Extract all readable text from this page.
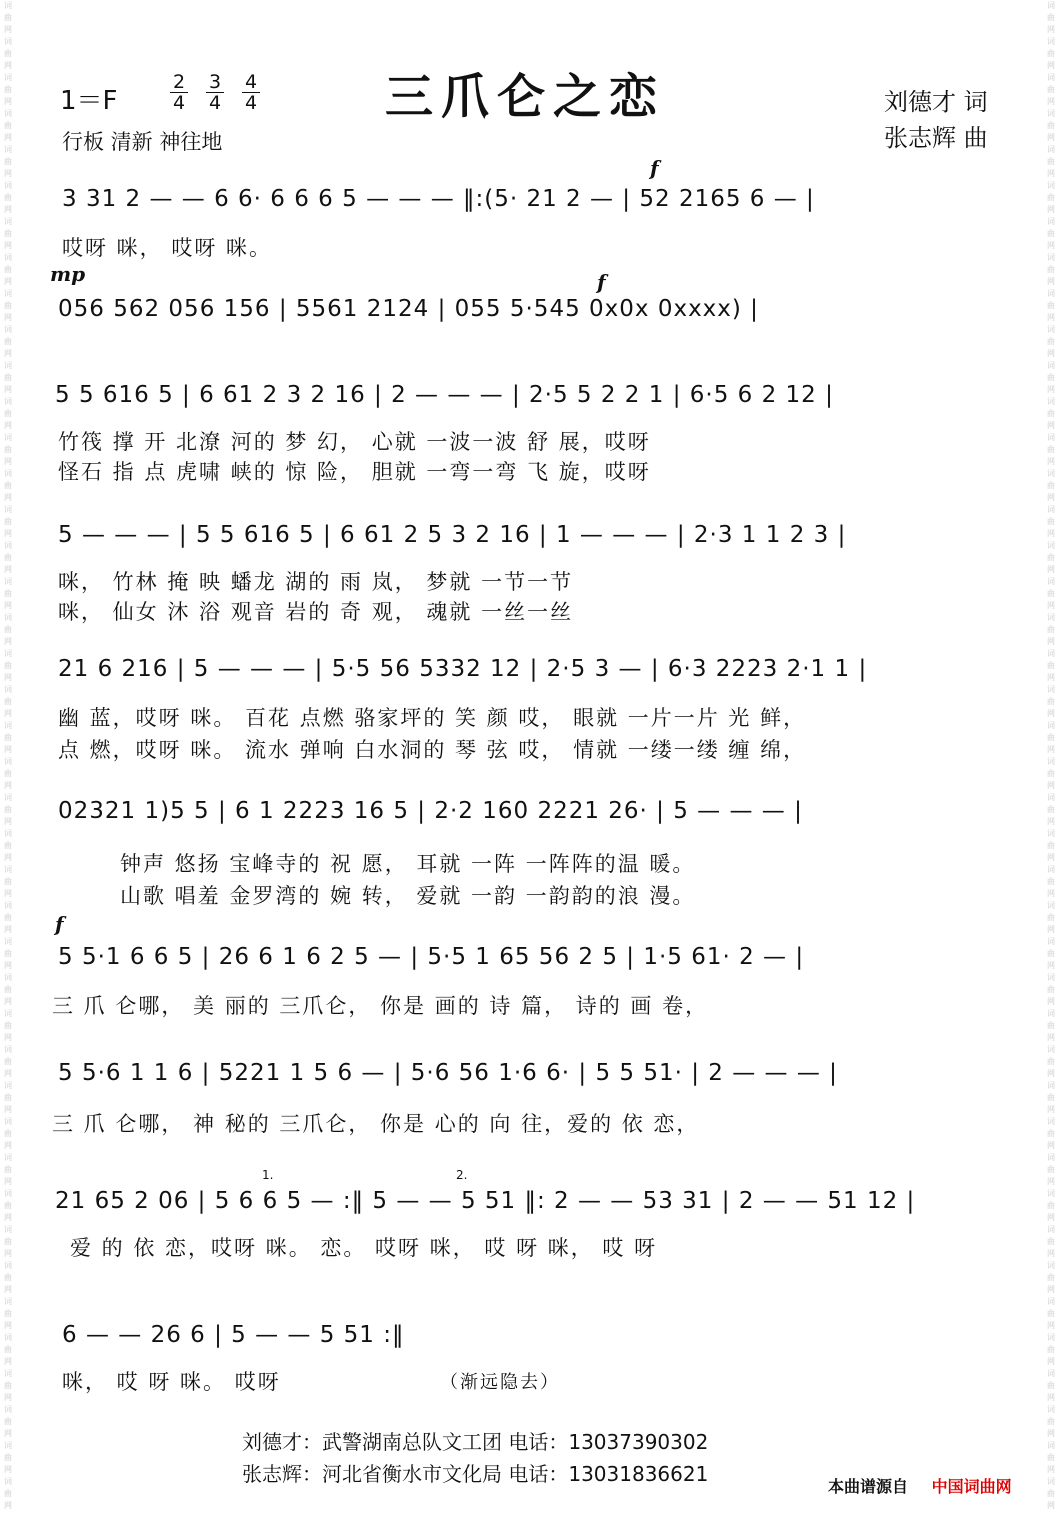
词
曲
网
词
曲
网
词
曲
网
词
曲
网
词
曲
网
词
曲
网
词
曲
网
词
曲
网
词
曲
网
词
曲
网
词
曲
网
词
曲
网
词
曲
网
词
曲
网
词
曲
网
词
曲
网
词
曲
网
词
曲
网
词
曲
网
词
曲
网
词
曲
网
词
曲
网
词
曲
网
词
曲
网
词
曲
网
词
曲
网
词
曲
网
词
曲
网
词
曲
网
词
曲
网
词
曲
网
词
曲
网
词
曲
网
词
曲
网
词
曲
网
词
曲
网
词
曲
网
词
曲
网
词
曲
网
词
曲
网
词
曲
网
词
曲
网
词
曲
网
词
曲
网
词
曲
网
词
曲
网
词
曲
网
词
曲
网
词
曲
网
词
曲
网
词
曲
网
词
曲
网
词
曲
网
词
曲
网
词
曲
网
词
曲
网
词
曲
网
词
曲
网
词
曲
网
词
曲
网
词
曲
网
词
曲
网
词
曲
网
词
曲
网
词
曲
网
词
曲
网
词
曲
网
词
曲
网
词
曲
网
词
曲
网
词
曲
网
词
曲
网
词
曲
网
词
曲
网
词
曲
网
词
曲
网
词
曲
网
词
曲
网
词
曲
网
词
曲
网
词
曲
网
词
曲
网
词
曲
网
词
曲
网
1＝F
2
4
3
4
4
4	三爪仑之恋	刘德才 词
张志辉 曲
行板 清新 神往地
f
3 31 2 — — 6 6· 6 6 6 5 — — — ‖:(5· 21 2 — | 52 2165 6 — |
哎呀 咪， 哎呀 咪。
mp	f
056 562 056 156 | 5561 2124 | 055 5·545 0x0x 0xxxx) |
5 5 616 5 | 6 61 2 3 2 16 | 2 — — — | 2·5 5 2 2 1 | 6·5 6 2 12 |
竹筏 撑 开 北潦 河的 梦 幻， 心就 一波一波 舒 展，哎呀
怪石 指 点 虎啸 峡的 惊 险， 胆就 一弯一弯 飞 旋，哎呀
5 — — — | 5 5 616 5 | 6 61 2 5 3 2 16 | 1 — — — | 2·3 1 1 2 3 |
咪， 竹林 掩 映 蟠龙 湖的 雨 岚， 梦就 一节一节
咪， 仙女 沐 浴 观音 岩的 奇 观， 魂就 一丝一丝
21 6 216 | 5 — — — | 5·5 56 5332 12 | 2·5 3 — | 6·3 2223 2·1 1 |
幽 蓝，哎呀 咪。 百花 点燃 骆家坪的 笑 颜 哎， 眼就 一片一片 光 鲜，
点 燃，哎呀 咪。 流水 弹响 白水洞的 琴 弦 哎， 情就 一缕一缕 缠 绵，
02321 1)5 5 | 6 1 2223 16 5 | 2·2 160 2221 26· | 5 — — — |
钟声 悠扬 宝峰寺的 祝 愿， 耳就 一阵 一阵阵的温 暖。
山歌 唱羞 金罗湾的 婉 转， 爱就 一韵 一韵韵的浪 漫。
f
5 5·1 6 6 5 | 26 6 1 6 2 5 — | 5·5 1 65 56 2 5 | 1·5 61· 2 — |
三 爪 仑哪， 美 丽的 三爪仑， 你是 画的 诗 篇， 诗的 画 卷，
5 5·6 1 1 6 | 5221 1 5 6 — | 5·6 56 1·6 6· | 5 5 51· | 2 — — — |
三 爪 仑哪， 神 秘的 三爪仑， 你是 心的 向 往，爱的 依 恋，
1.	2.
21 65 2 06 | 5 6 6 5 — :‖ 5 — — 5 51 ‖: 2 — — 53 31 | 2 — — 51 12 |
爱 的 依 恋，哎呀 咪。 恋。 哎呀 咪， 哎 呀 咪， 哎 呀
6 — — 26 6 | 5 — — 5 51 :‖
咪， 哎 呀 咪。 哎呀	（渐远隐去）
刘德才：武警湖南总队文工团 电话：13037390302
张志辉：河北省衡水市文化局 电话：13031836621
本曲谱源自 中国词曲网
